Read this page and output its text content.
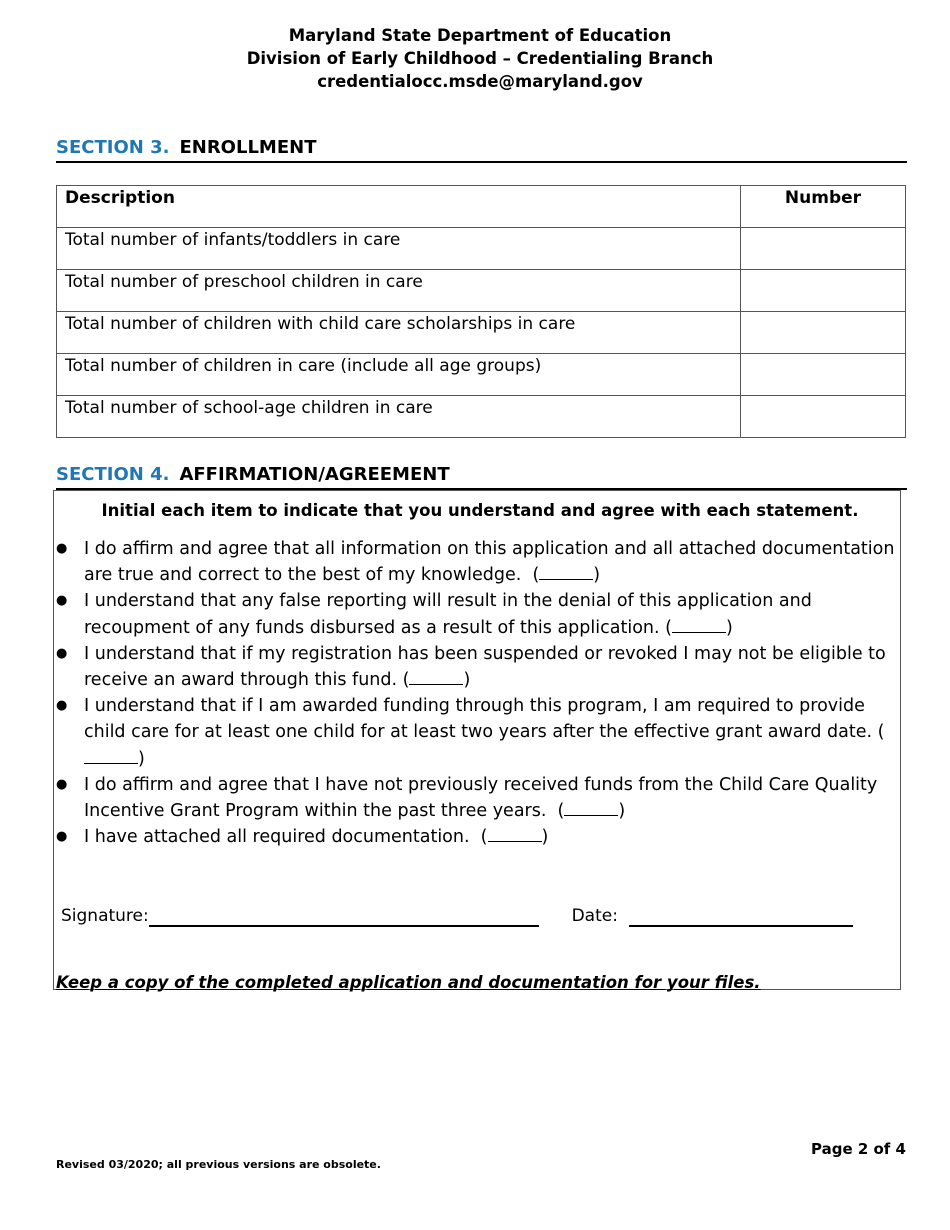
Maryland State Department of Education
Division of Early Childhood – Credentialing Branch
credentialocc.msde@maryland.gov
SECTION 3. ENROLLMENT
Description	Number
Total number of infants/toddlers in care	
Total number of preschool children in care	
Total number of children with child care scholarships in care	
Total number of children in care (include all age groups)	
Total number of school-age children in care	
SECTION 4. AFFIRMATION/AGREEMENT
Initial each item to indicate that you understand and agree with each statement.
● I do affirm and agree that all information on this application and all attached documentation are true and correct to the best of my knowledge.  (	)
● I understand that any false reporting will result in the denial of this application and recoupment of any funds disbursed as a result of this application. (	)
● I understand that if my registration has been suspended or revoked I may not be eligible to receive an award through this fund. (	)
● I understand that if I am awarded funding through this program, I am required to provide child care for at least one child for at least two years after the effective grant award date. ()
● I do affirm and agree that I have not previously received funds from the Child Care Quality Incentive Grant Program within the past three years.  (	)
● I have attached all required documentation.  (	)
Signature:	Date:
Keep a copy of the completed application and documentation for your files.
Page 2 of 4
Revised 03/2020; all previous versions are obsolete.
